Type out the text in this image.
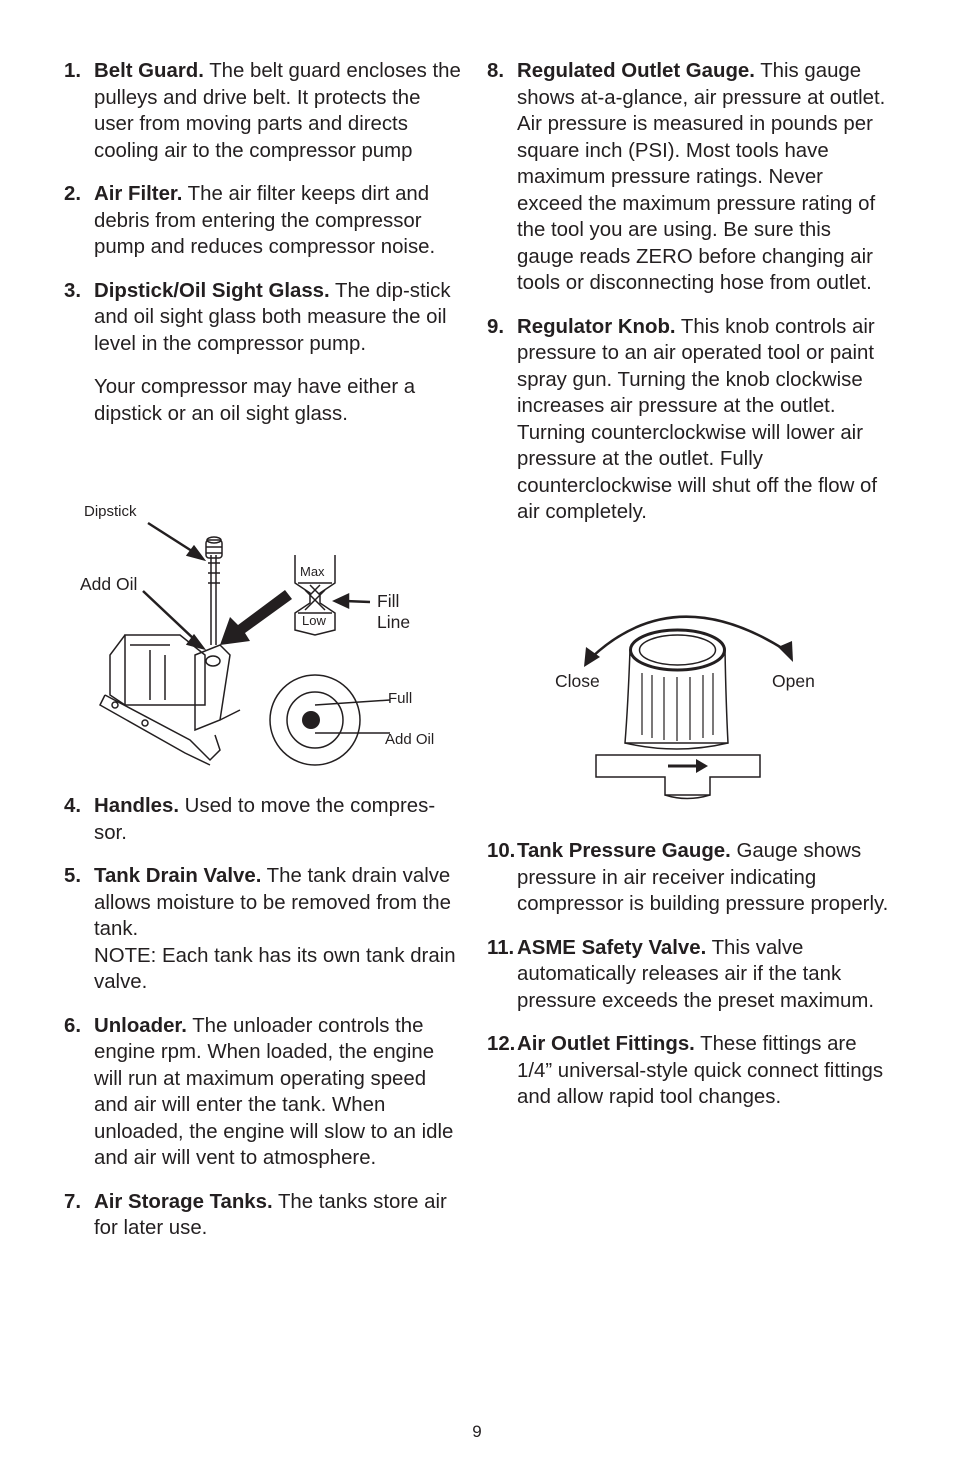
1. Belt Guard. The belt guard encloses the pulleys and drive belt. It protects the user from moving parts and directs cooling air to the compressor pump

2. Air Filter. The air filter keeps dirt and debris from entering the compressor pump and reduces compressor noise.

3. Dipstick/Oil Sight Glass. The dip-stick and oil sight glass both measure the oil level in the compressor pump.

Your compressor may have either a dipstick or an oil sight glass.

Dipstick
Add Oil
Max
Low
Fill
Line
Full
Add Oil
4. Handles. Used to move the compres-sor.

5. Tank Drain Valve. The tank drain valve allows moisture to be removed from the tank.

NOTE: Each tank has its own tank drain valve.

6. Unloader. The unloader controls the engine rpm. When loaded, the engine will run at maximum operating speed and air will enter the tank. When unloaded, the engine will slow to an idle and air will vent to atmosphere.

7. Air Storage Tanks. The tanks store air for later use.

8. Regulated Outlet Gauge. This gauge shows at-a-glance, air pressure at outlet. Air pressure is measured in pounds per square inch (PSI). Most tools have maximum pressure ratings. Never exceed the maximum pressure rating of the tool you are using. Be sure this gauge reads ZERO before changing air tools or disconnecting hose from outlet.

9. Regulator Knob. This knob controls air pressure to an air operated tool or paint spray gun. Turning the knob clockwise increases air pressure at the outlet. Turning counterclockwise will lower air pressure at the outlet. Fully counterclockwise will shut off the flow of air completely.

Close	Open
10. Tank Pressure Gauge. Gauge shows pressure in air receiver indicating compressor is building pressure properly.

11. ASME Safety Valve. This valve automatically releases air if the tank pressure exceeds the preset maximum.

12. Air Outlet Fittings. These fittings are 1/4” universal-style quick connect fittings and allow rapid tool changes.

9
